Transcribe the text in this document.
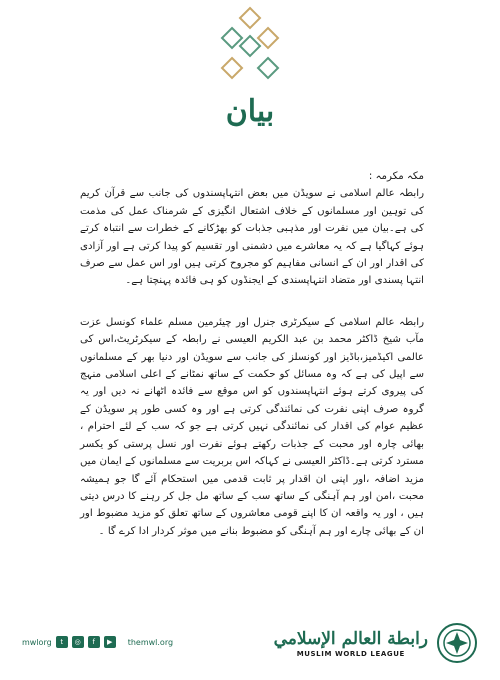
بیان

مکہ مکرمہ :

رابطہ عالم اسلامی نے سویڈن میں بعض انتہاپسندوں کی جانب سے قرآن کریم کی توہین اور مسلمانوں کے خلاف اشتعال انگیزی کے شرمناک عمل کی مذمت کی ہے۔بیان میں نفرت اور مذہبی جذبات کو بھڑکانے کے خطرات سے انتباہ کرتے ہوئے کہاگیا ہے کہ یہ معاشرے میں دشمنی اور تقسیم کو پیدا کرتی ہے اور آزادی کی اقدار اور ان کے انسانی مفاہیم کو مجروح کرتی ہیں اور اس عمل سے صرف انتہا پسندی اور متضاد انتہاپسندی کے ایجنڈوں کو ہی فائدہ پہنچتا ہے۔

رابطہ عالم اسلامی کے سیکرٹری جنرل اور چیئرمین مسلم علماء کونسل عزت مآب شیخ ڈاکٹر محمد بن عبد الکریم العیسی نے رابطہ کے سیکرٹریٹ،اس کی عالمی اکیڈمیز،باڈیز اور کونسلز کی جانب سے سویڈن اور دنیا بھر کے مسلمانوں سے اپیل کی ہے کہ وہ مسائل کو حکمت کے ساتھ نمٹانے کے اعلی اسلامی منہج کی پیروی کرتے ہوئے انتہاپسندوں کو اس موقع سے فائدہ اٹھانے نہ دیں اور یہ گروہ صرف اپنی نفرت کی نمائندگی کرتی ہے اور وہ کسی طور پر سویڈن کے عظیم عوام کی اقدار کی نمائندگی نہیں کرتی ہے جو کہ سب کے لئے احترام ، بھائی چارہ اور محبت کے جذبات رکھتے ہوئے نفرت اور نسل پرستی کو یکسر مسترد کرتی ہے۔ڈاکٹر العیسی نے کہاکہ اس بربریت سے مسلمانوں کے ایمان میں مزید اضافہ ،اور اپنی ان اقدار پر ثابت قدمی میں استحکام آئے گا جو ہمیشہ محبت ،امن اور ہم آہنگی کے ساتھ سب کے ساتھ مل جل کر رہنے کا درس دیتی ہیں ، اور یہ واقعہ ان کا اپنے قومی معاشروں کے ساتھ تعلق کو مزید مضبوط اور ان کے بھائی چارے اور ہم آہنگی کو مضبوط بنانے میں موثر کردار ادا کرے گا ۔

mwlorg	t	◎	f	▶	themwl.org	رابطة العالم الإسلامي
MUSLIM WORLD LEAGUE
